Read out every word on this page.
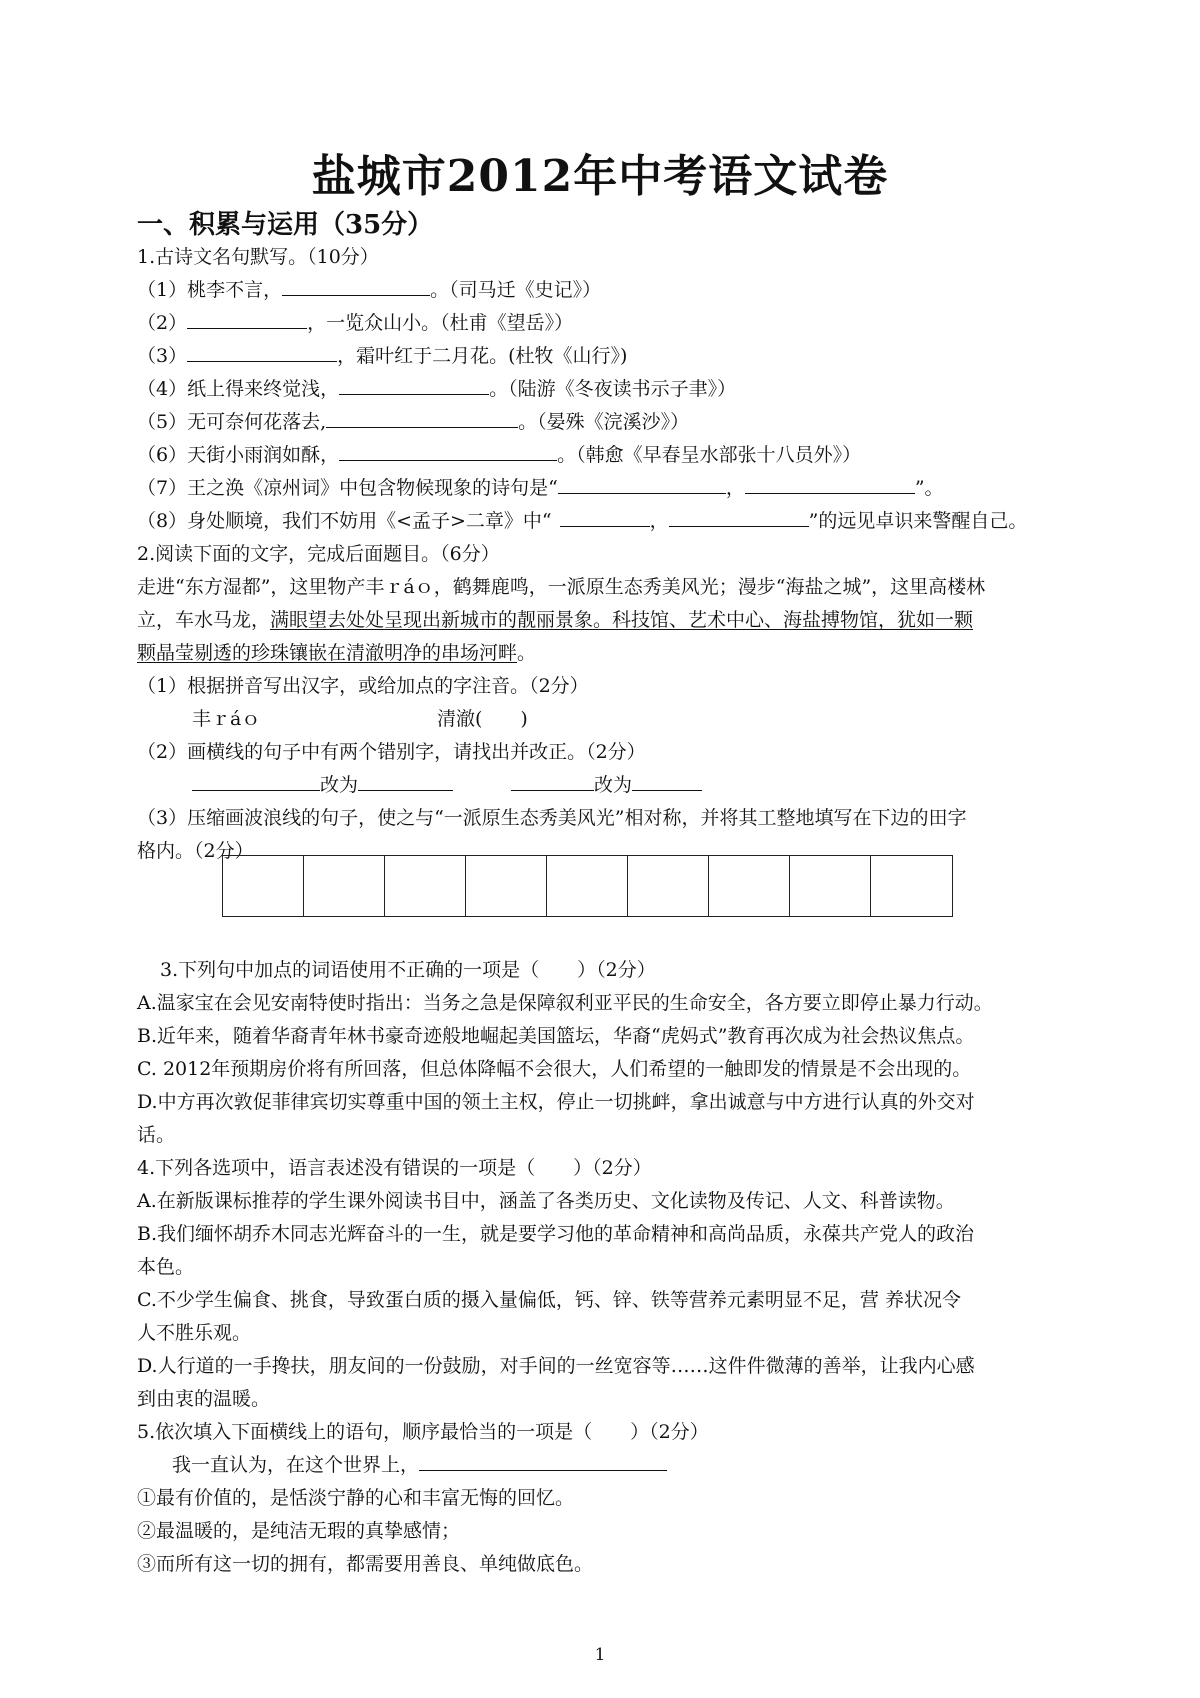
盐城市2012年中考语文试卷
一、积累与运用（35分）
1.古诗文名句默写。（10分）
（1）桃李不言，	。（司马迁《史记》）
（2）	，一览众山小。（杜甫《望岳》）
（3）	，霜叶红于二月花。(杜牧《山行》)
（4）纸上得来终觉浅，	。（陆游《冬夜读书示子聿》）
（5）无可奈何花落去,	。（晏殊《浣溪沙》）
（6）天街小雨润如酥，	。（韩愈《早春呈水部张十八员外》）
（7）王之涣《凉州词》中包含物候现象的诗句是“	，	”。
（8）身处顺境，我们不妨用《<孟子>二章》中“	，	”的远见卓识来警醒自己。
2.阅读下面的文字，完成后面题目。（6分）
走进“东方湿都”，这里物产丰ｒáｏ，鹤舞鹿鸣，一派原生态秀美风光；漫步“海盐之城”，这里高楼林
立，车水马龙，满眼望去处处呈现出新城市的靓丽景象。科技馆、艺术中心、海盐搏物馆，犹如一颗
颗晶莹剔透的珍珠镶嵌在清澈明净的串场河畔。
（1）根据拼音写出汉字，或给加点的字注音。（2分）
丰ｒáｏ	清澈(　　)
（2）画横线的句子中有两个错别字，请找出并改正。（2分）
改为	改为
（3）压缩画波浪线的句子，使之与“一派原生态秀美风光”相对称，并将其工整地填写在下边的田字
格内。（2分）
3.下列句中加点的词语使用不正确的一项是（　　）（2分）
A.温家宝在会见安南特使时指出：当务之急是保障叙利亚平民的生命安全，各方要立即停止暴力行动。
B.近年来，随着华裔青年林书豪奇迹般地崛起美国篮坛，华裔“虎妈式”教育再次成为社会热议焦点。
C. 2012年预期房价将有所回落，但总体降幅不会很大，人们希望的一触即发的情景是不会出现的。
D.中方再次敦促菲律宾切实尊重中国的领土主权，停止一切挑衅，拿出诚意与中方进行认真的外交对
话。
4.下列各选项中，语言表述没有错误的一项是（　　）（2分）
A.在新版课标推荐的学生课外阅读书目中，涵盖了各类历史、文化读物及传记、人文、科普读物。
B.我们缅怀胡乔木同志光辉奋斗的一生，就是要学习他的革命精神和高尚品质，永葆共产党人的政治
本色。
C.不少学生偏食、挑食，导致蛋白质的摄入量偏低，钙、锌、铁等营养元素明显不足，营 养状况令
人不胜乐观。
D.人行道的一手搀扶，朋友间的一份鼓励，对手间的一丝宽容等……这件件微薄的善举，让我内心感
到由衷的温暖。
5.依次填入下面横线上的语句，顺序最恰当的一项是（　　）（2分）
我一直认为，在这个世界上，
①最有价值的，是恬淡宁静的心和丰富无悔的回忆。
②最温暖的，是纯洁无瑕的真挚感情；
③而所有这一切的拥有，都需要用善良、单纯做底色。
1
